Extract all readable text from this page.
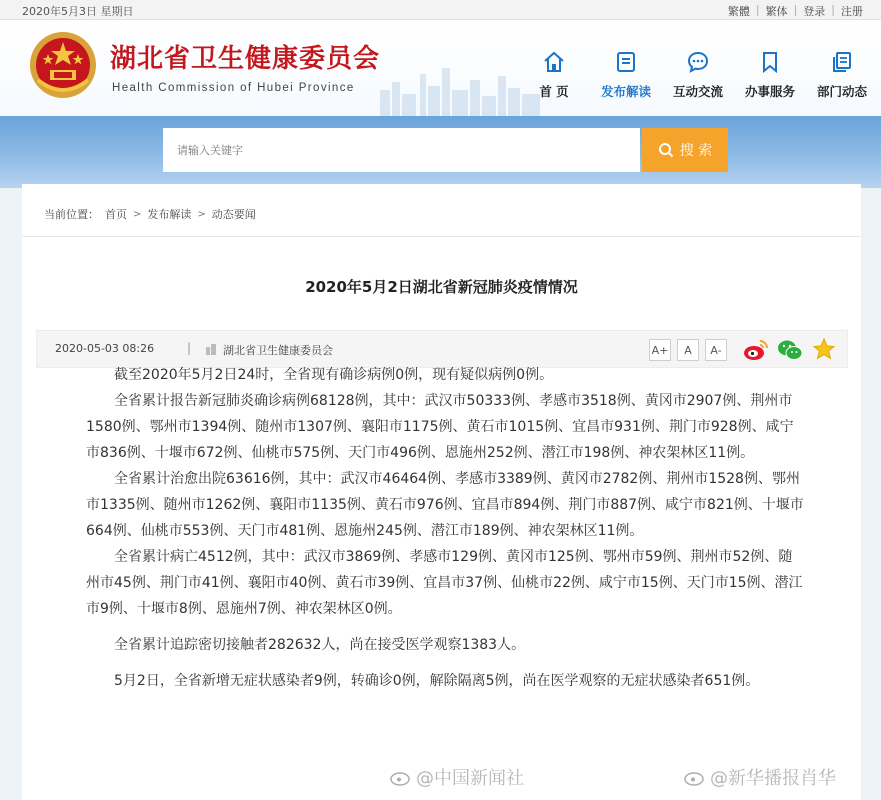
2020年5月3日 星期日	繁體 | 繁体 | 登录 | 注册
湖北省卫生健康委员会
Health Commission of Hubei Province	首 页	发布解读	互动交流	办事服务	部门动态
请输入关键字
搜 索
当前位置： 首页 > 发布解读 > 动态要闻
2020年5月2日湖北省新冠肺炎疫情情况
2020-05-03 08:26	|	湖北省卫生健康委员会	A+	A	A-

截至2020年5月2日24时，全省现有确诊病例0例，现有疑似病例0例。

全省累计报告新冠肺炎确诊病例68128例，其中：武汉市50333例、孝感市3518例、黄冈市2907例、荆州市1580例、鄂州市1394例、随州市1307例、襄阳市1175例、黄石市1015例、宜昌市931例、荆门市928例、咸宁市836例、十堰市672例、仙桃市575例、天门市496例、恩施州252例、潜江市198例、神农架林区11例。

全省累计治愈出院63616例，其中：武汉市46464例、孝感市3389例、黄冈市2782例、荆州市1528例、鄂州市1335例、随州市1262例、襄阳市1135例、黄石市976例、宜昌市894例、荆门市887例、咸宁市821例、十堰市664例、仙桃市553例、天门市481例、恩施州245例、潜江市189例、神农架林区11例。

全省累计病亡4512例，其中：武汉市3869例、孝感市129例、黄冈市125例、鄂州市59例、荆州市52例、随州市45例、荆门市41例、襄阳市40例、黄石市39例、宜昌市37例、仙桃市22例、咸宁市15例、天门市15例、潜江市9例、十堰市8例、恩施州7例、神农架林区0例。

全省累计追踪密切接触者282632人，尚在接受医学观察1383人。

5月2日，全省新增无症状感染者9例，转确诊0例，解除隔离5例，尚在医学观察的无症状感染者651例。

@中国新闻社	@新华播报肖华
